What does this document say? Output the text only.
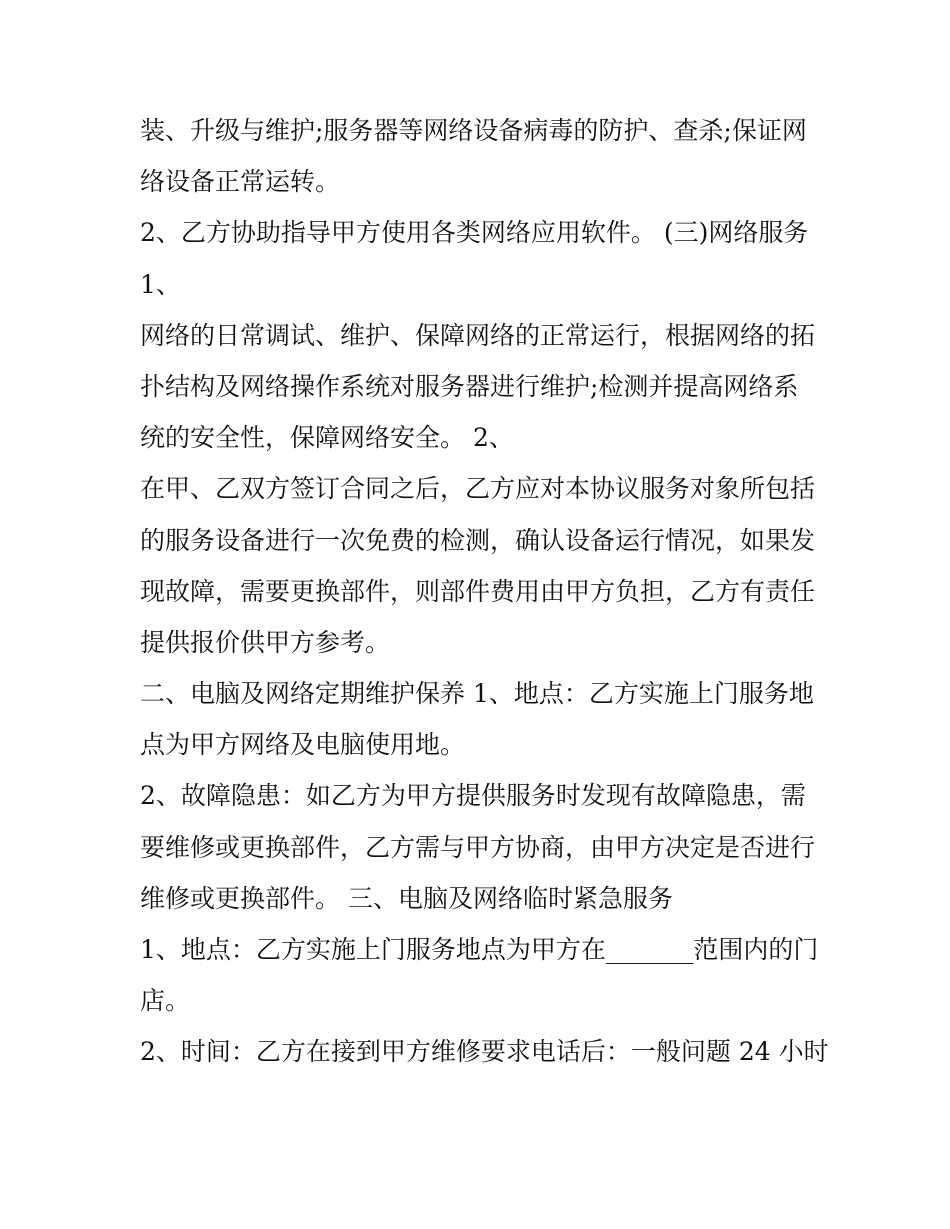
装、升级与维护;服务器等网络设备病毒的防护、查杀;保证网
络设备正常运转。
2、乙方协助指导甲方使用各类网络应用软件。 (三)网络服务
1、
网络的日常调试、维护、保障网络的正常运行，根据网络的拓
扑结构及网络操作系统对服务器进行维护;检测并提高网络系
统的安全性，保障网络安全。 2、
在甲、乙双方签订合同之后，乙方应对本协议服务对象所包括
的服务设备进行一次免费的检测，确认设备运行情况，如果发
现故障，需要更换部件，则部件费用由甲方负担，乙方有责任
提供报价供甲方参考。
二、电脑及网络定期维护保养 1、地点：乙方实施上门服务地
点为甲方网络及电脑使用地。
2、故障隐患：如乙方为甲方提供服务时发现有故障隐患，需
要维修或更换部件，乙方需与甲方协商，由甲方决定是否进行
维修或更换部件。 三、电脑及网络临时紧急服务
1、地点：乙方实施上门服务地点为甲方在_______范围内的门
店。
2、时间：乙方在接到甲方维修要求电话后：一般问题 24 小时
